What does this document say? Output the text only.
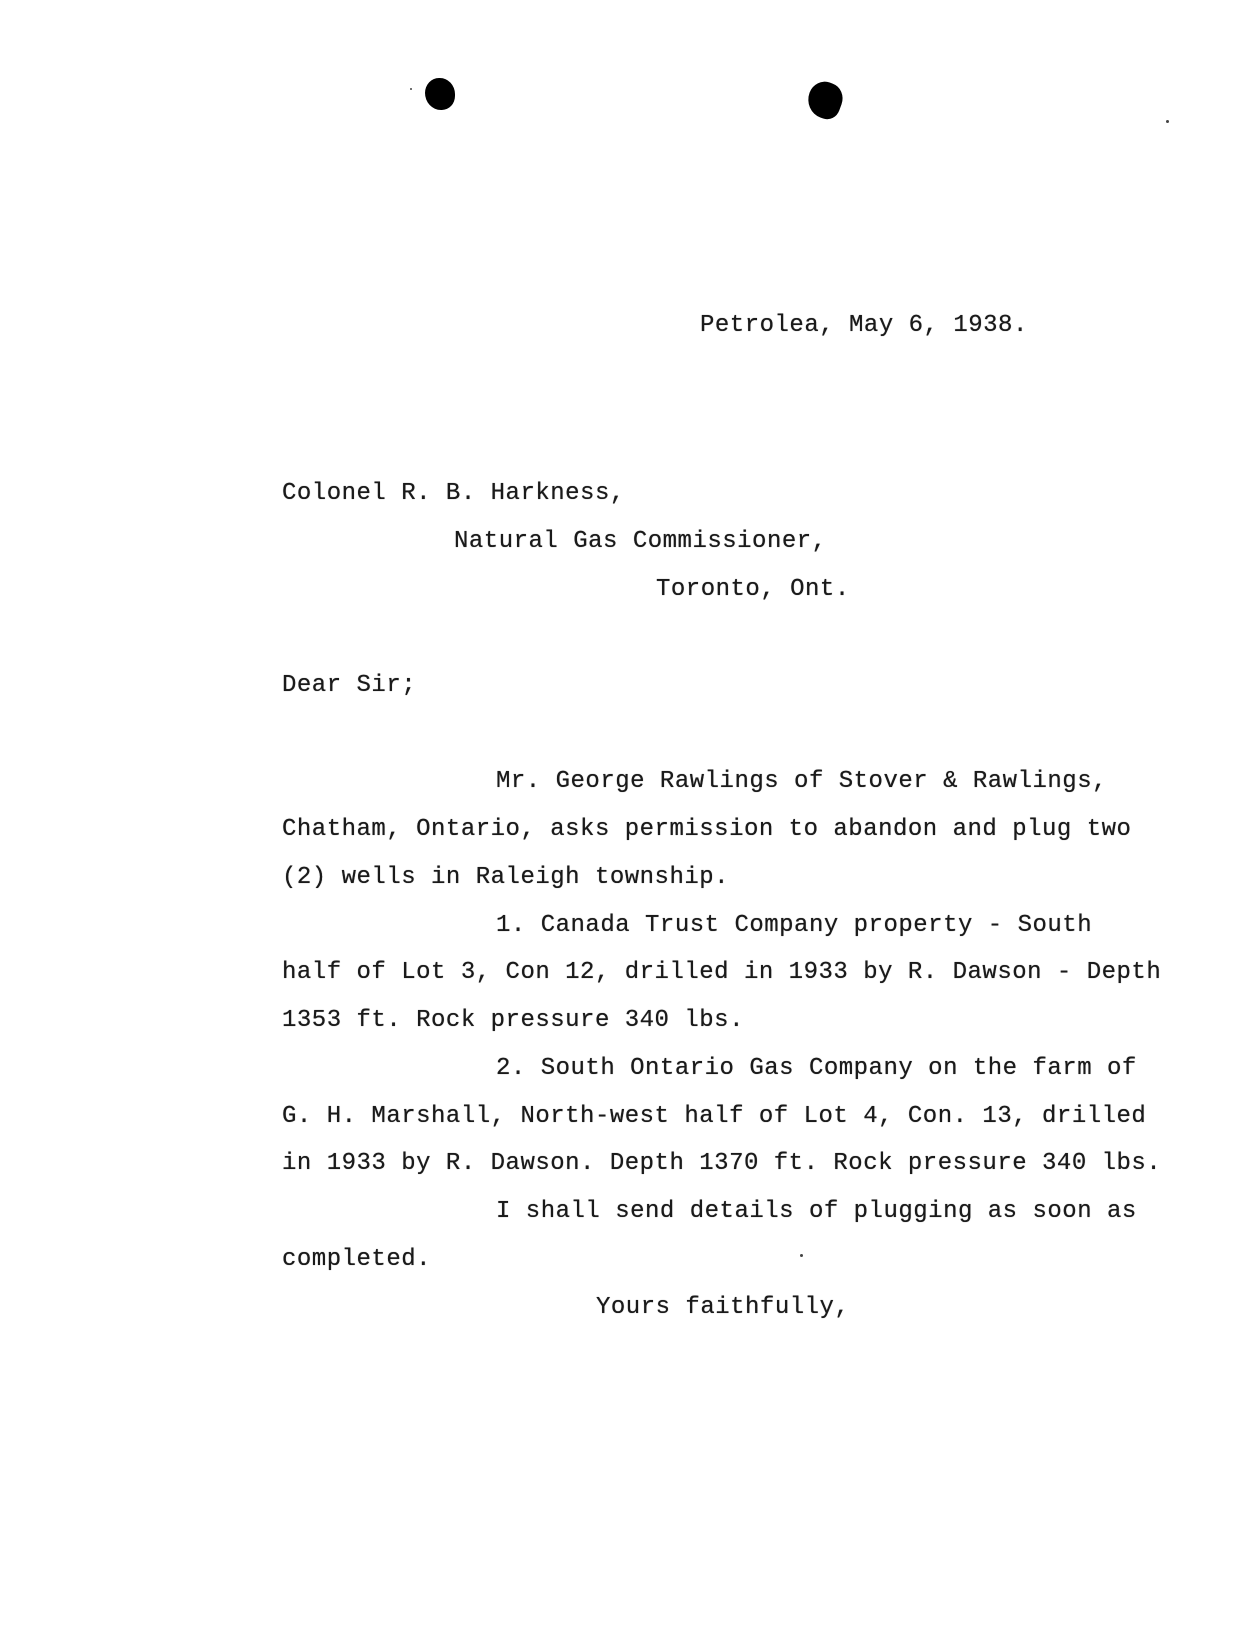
Petrolea, May 6, 1938.
Colonel R. B. Harkness,
Natural Gas Commissioner,
Toronto, Ont.
Dear Sir;
Mr. George Rawlings of Stover & Rawlings,
Chatham, Ontario, asks permission to abandon and plug two
(2) wells in Raleigh township.
1. Canada Trust Company property - South
half of Lot 3, Con 12, drilled in 1933 by R. Dawson - Depth
1353 ft. Rock pressure 340 lbs.
2. South Ontario Gas Company on the farm of
G. H. Marshall, North-west half of Lot 4, Con. 13, drilled
in 1933 by R. Dawson. Depth 1370 ft. Rock pressure 340 lbs.
I shall send details of plugging as soon as
completed.
Yours faithfully,
